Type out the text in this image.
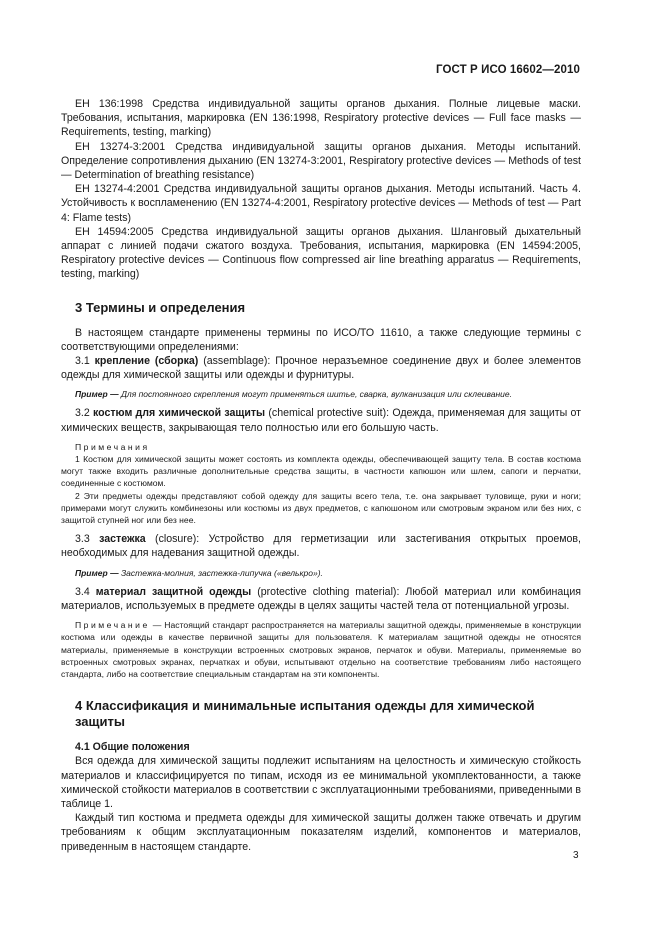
ГОСТ Р ИСО 16602—2010

ЕН 136:1998 Средства индивидуальной защиты органов дыхания. Полные лицевые маски. Требования, испытания, маркировка (EN 136:1998, Respiratory protective devices — Full face masks — Requirements, testing, marking)

ЕН 13274-3:2001 Средства индивидуальной защиты органов дыхания. Методы испытаний. Определение сопротивления дыханию (EN 13274-3:2001, Respiratory protective devices — Methods of test — Determination of breathing resistance)

ЕН 13274-4:2001 Средства индивидуальной защиты органов дыхания. Методы испытаний. Часть 4. Устойчивость к воспламенению (EN 13274-4:2001, Respiratory protective devices — Methods of test — Part 4: Flame tests)

ЕН 14594:2005 Средства индивидуальной защиты органов дыхания. Шланговый дыхательный аппарат с линией подачи сжатого воздуха. Требования, испытания, маркировка (EN 14594:2005, Respiratory protective devices — Continuous flow compressed air line breathing apparatus — Requirements, testing, marking)

3 Термины и определения

В настоящем стандарте применены термины по ИСО/ТО 11610, а также следующие термины с соответствующими определениями:

3.1 крепление (сборка) (assemblage): Прочное неразъемное соединение двух и более элементов одежды для химической защиты или одежды и фурнитуры.

Пример — Для постоянного скрепления могут применяться шитье, сварка, вулканизация или склеивание.

3.2 костюм для химической защиты (chemical protective suit): Одежда, применяемая для защиты от химических веществ, закрывающая тело полностью или его большую часть.

Примечания

1 Костюм для химической защиты может состоять из комплекта одежды, обеспечивающей защиту тела. В состав костюма могут также входить различные дополнительные средства защиты, в частности капюшон или шлем, сапоги и перчатки, соединенные с костюмом.

2 Эти предметы одежды представляют собой одежду для защиты всего тела, т.е. она закрывает туловище, руки и ноги; примерами могут служить комбинезоны или костюмы из двух предметов, с капюшоном или смотровым экраном или без них, с защитой ступней ног или без нее.

3.3 застежка (closure): Устройство для герметизации или застегивания открытых проемов, необходимых для надевания защитной одежды.

Пример — Застежка-молния, застежка-липучка («велькро»).

3.4 материал защитной одежды (protective clothing material): Любой материал или комбинация материалов, используемых в предмете одежды в целях защиты частей тела от потенциальной угрозы.

Примечание — Настоящий стандарт распространяется на материалы защитной одежды, применяемые в конструкции костюма или одежды в качестве первичной защиты для пользователя. К материалам защитной одежды не относятся материалы, применяемые в конструкции встроенных смотровых экранов, перчаток и обуви. Материалы, применяемые во встроенных смотровых экранах, перчатках и обуви, испытывают отдельно на соответствие требованиям либо настоящего стандарта, либо на соответствие специальным стандартам на эти компоненты.

4 Классификация и минимальные испытания одежды для химической защиты

4.1 Общие положения

Вся одежда для химической защиты подлежит испытаниям на целостность и химическую стойкость материалов и классифицируется по типам, исходя из ее минимальной укомплектованности, а также химической стойкости материалов в соответствии с эксплуатационными требованиями, приведенными в таблице 1.

Каждый тип костюма и предмета одежды для химической защиты должен также отвечать и другим требованиям к общим эксплуатационным показателям изделий, компонентов и материалов, приведенным в настоящем стандарте.

3
